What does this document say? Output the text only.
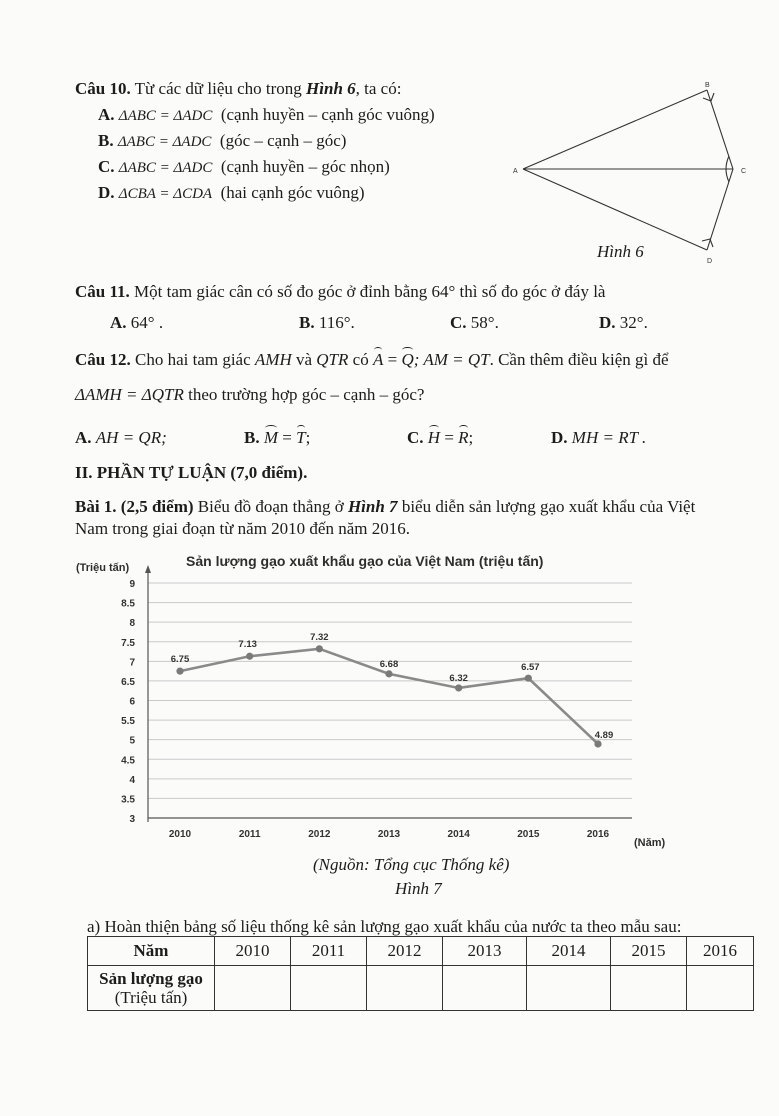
Câu 10. Từ các dữ liệu cho trong Hình 6, ta có:
A. ΔABC = ΔADC (cạnh huyền – cạnh góc vuông)
B. ΔABC = ΔADC (góc – cạnh – góc)
C. ΔABC = ΔADC (cạnh huyền – góc nhọn)
D. ΔCBA = ΔCDA (hai cạnh góc vuông)
A
B
C
D
Hình 6
Câu 11. Một tam giác cân có số đo góc ở đỉnh bằng 64° thì số đo góc ở đáy là
A. 64° .	B. 116°.	C. 58°.	D. 32°.
Câu 12. Cho hai tam giác AMH và QTR có A = Q; AM = QT. Cần thêm điều kiện gì để
ΔAMH = ΔQTR theo trường hợp góc – cạnh – góc?
A. AH = QR;	B. M = T;	C. H = R;	D. MH = RT .
II. PHẦN TỰ LUẬN (7,0 điểm).
Bài 1. (2,5 điểm) Biểu đồ đoạn thẳng ở Hình 7 biểu diễn sản lượng gạo xuất khẩu của Việt
Nam trong giai đoạn từ năm 2010 đến năm 2016.
Sản lượng gạo xuất khẩu gạo của Việt Nam (triệu tấn)
(Triệu tấn)
(Năm)
3
3.5
4
4.5
5
5.5
6
6.5
7
7.5
8
8.5
9
2010	2011	2012	2013	2014	2015	2016
6.75
7.13
7.32
6.68
6.32
6.57
4.89
(Nguồn: Tổng cục Thống kê)
Hình 7
a) Hoàn thiện bảng số liệu thống kê sản lượng gạo xuất khẩu của nước ta theo mẫu sau:
Năm	2010	2011	2012	2013	2014	2015	2016
Sản lượng gạo
(Triệu tấn)							
